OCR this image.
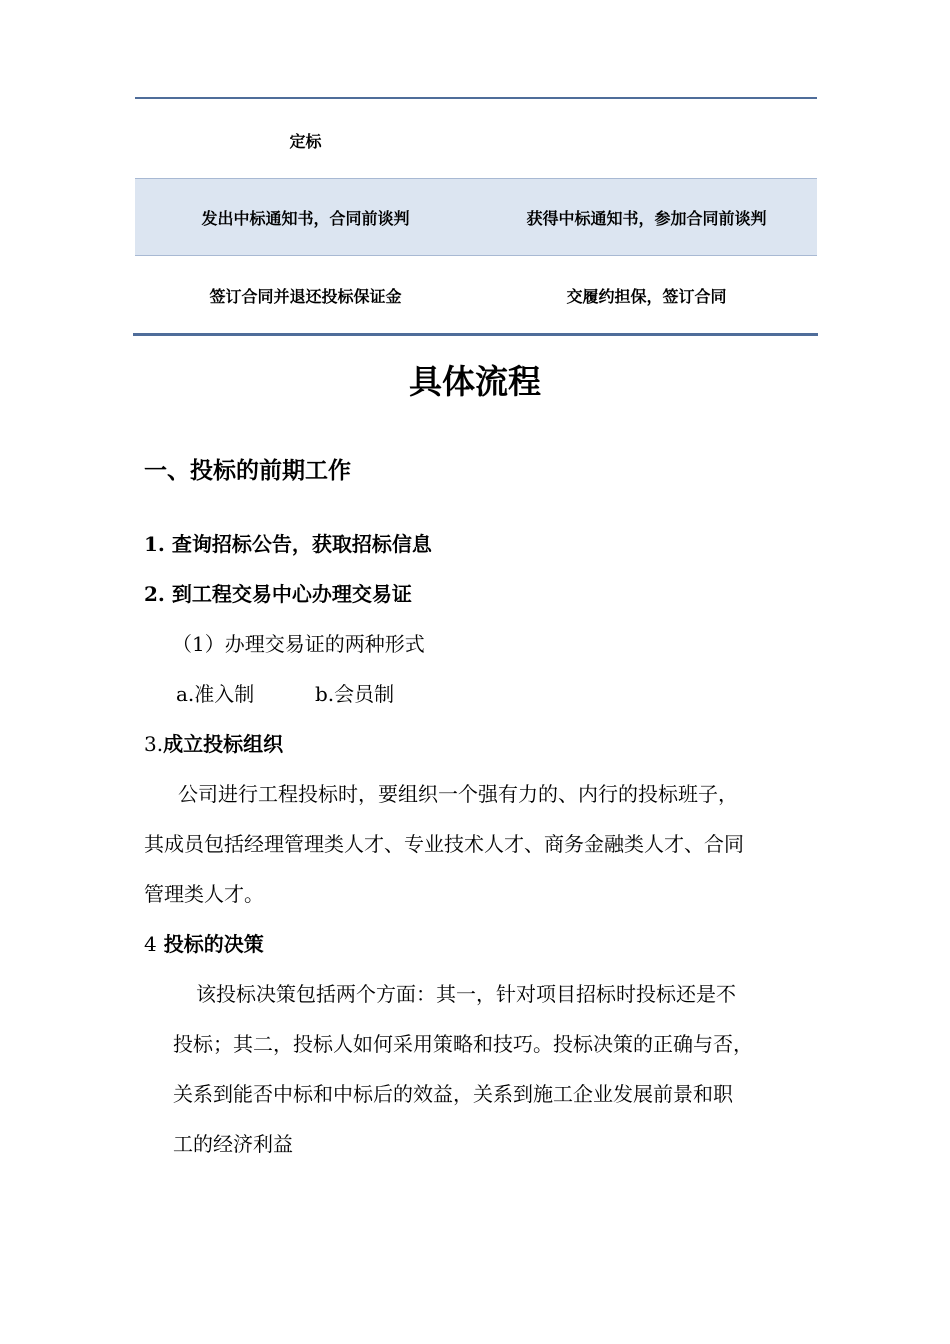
定标
发出中标通知书，合同前谈判	获得中标通知书，参加合同前谈判
签订合同并退还投标保证金	交履约担保，签订合同
具体流程
一、投标的前期工作
1. 查询招标公告，获取招标信息
2. 到工程交易中心办理交易证
（1）办理交易证的两种形式
a.准入制	b.会员制
3.成立投标组织
公司进行工程投标时，要组织一个强有力的、内行的投标班子，
其成员包括经理管理类人才、专业技术人才、商务金融类人才、合同
管理类人才。
4 投标的决策
该投标决策包括两个方面：其一，针对项目招标时投标还是不
投标；其二，投标人如何采用策略和技巧。投标决策的正确与否，
关系到能否中标和中标后的效益，关系到施工企业发展前景和职
工的经济利益
